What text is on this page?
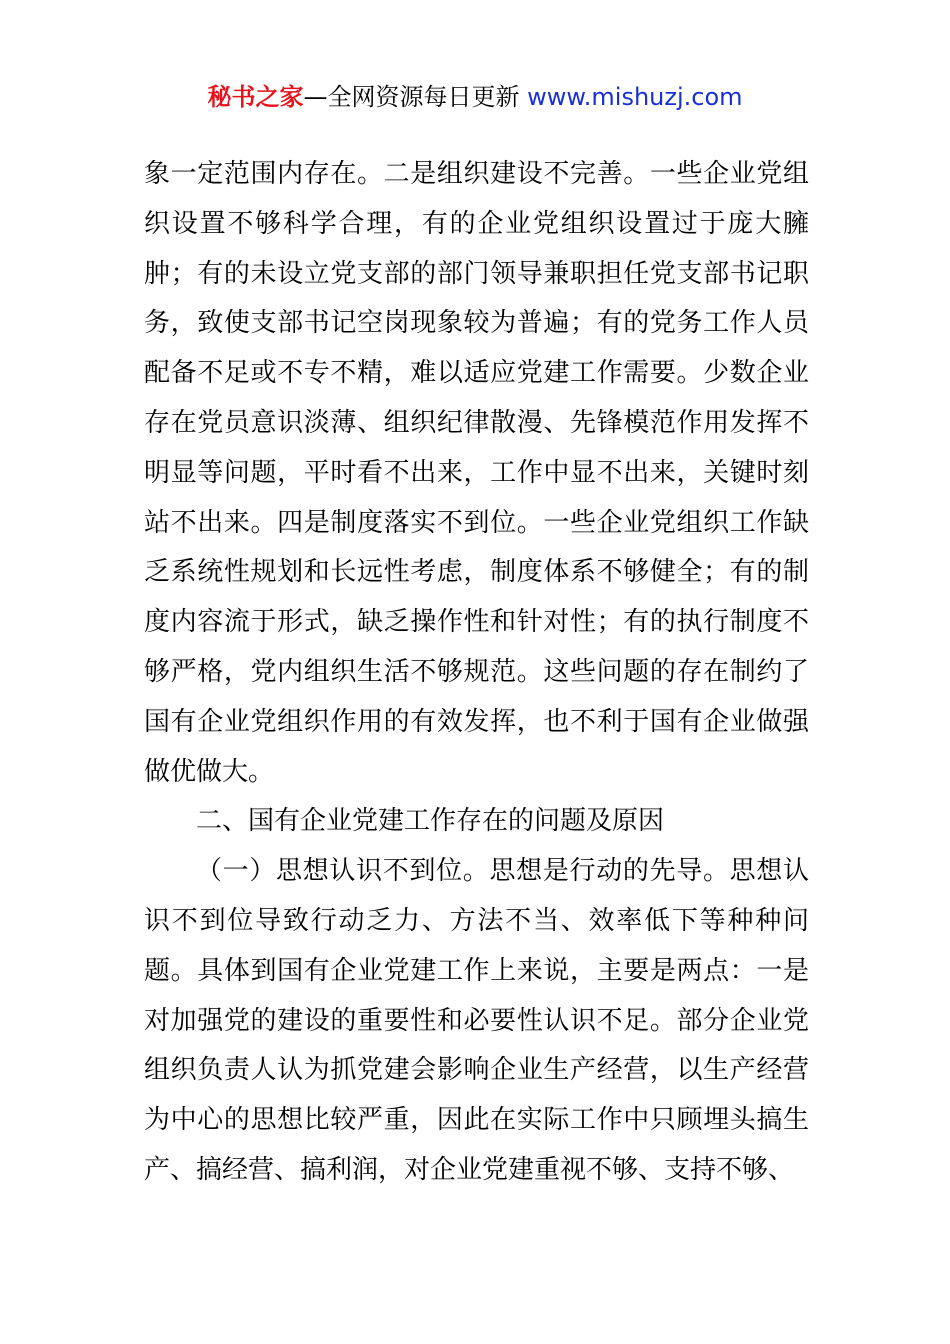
秘书之家—全网资源每日更新 www.mishuzj.com

象一定范围内存在。二是组织建设不完善。一些企业党组织设置不够科学合理，有的企业党组织设置过于庞大臃肿；有的未设立党支部的部门领导兼职担任党支部书记职务，致使支部书记空岗现象较为普遍；有的党务工作人员配备不足或不专不精，难以适应党建工作需要。少数企业存在党员意识淡薄、组织纪律散漫、先锋模范作用发挥不明显等问题，平时看不出来，工作中显不出来，关键时刻站不出来。四是制度落实不到位。一些企业党组织工作缺乏系统性规划和长远性考虑，制度体系不够健全；有的制度内容流于形式，缺乏操作性和针对性；有的执行制度不够严格，党内组织生活不够规范。这些问题的存在制约了国有企业党组织作用的有效发挥，也不利于国有企业做强做优做大。

二、国有企业党建工作存在的问题及原因

（一）思想认识不到位。思想是行动的先导。思想认识不到位导致行动乏力、方法不当、效率低下等种种问题。具体到国有企业党建工作上来说，主要是两点：一是对加强党的建设的重要性和必要性认识不足。部分企业党组织负责人认为抓党建会影响企业生产经营，以生产经营为中心的思想比较严重，因此在实际工作中只顾埋头搞生产、搞经营、搞利润，对企业党建重视不够、支持不够、
